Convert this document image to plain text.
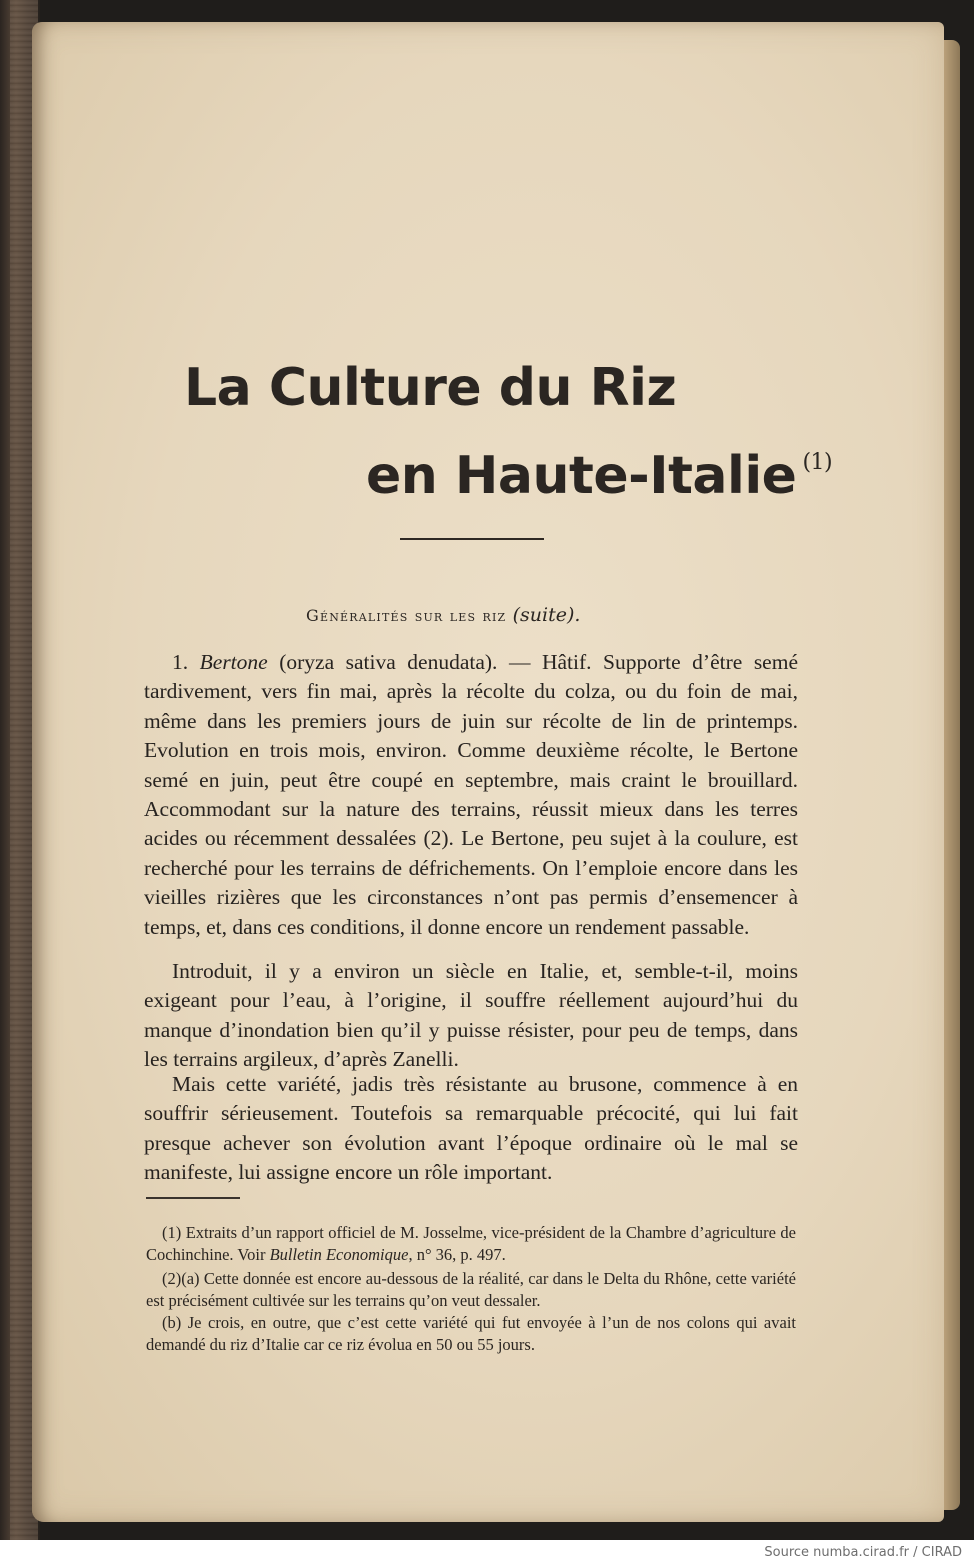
La Culture du Riz
en Haute-Italie $^{(1)}$
Généralités sur les riz (suite).

1. Bertone (oryza sativa denudata). — Hâtif. Supporte d’être semé tardivement, vers fin mai, après la récolte du colza, ou du foin de mai, même dans les premiers jours de juin sur récolte de lin de printemps. Evolution en trois mois, environ. Comme deuxième récolte, le Bertone semé en juin, peut être coupé en septembre, mais craint le brouillard. Accommodant sur la nature des terrains, réussit mieux dans les terres acides ou récemment dessalées (2). Le Bertone, peu sujet à la coulure, est recherché pour les terrains de défrichements. On l’emploie encore dans les vieilles rizières que les circonstances n’ont pas permis d’ensemencer à temps, et, dans ces conditions, il donne encore un rendement passable.

Introduit, il y a environ un siècle en Italie, et, semble-t-il, moins exigeant pour l’eau, à l’origine, il souffre réellement aujourd’hui du manque d’inondation bien qu’il y puisse résister, pour peu de temps, dans les terrains argileux, d’après Zanelli.

Mais cette variété, jadis très résistante au brusone, commence à en souffrir sérieusement. Toutefois sa remarquable précocité, qui lui fait presque achever son évolution avant l’époque ordinaire où le mal se manifeste, lui assigne encore un rôle important.

(1) Extraits d’un rapport officiel de M. Josselme, vice-président de la Chambre d’agriculture de Cochinchine. Voir Bulletin Economique, n° 36, p. 497.

(2)(a) Cette donnée est encore au-dessous de la réalité, car dans le Delta du Rhône, cette variété est précisément cultivée sur les terrains qu’on veut dessaler.

(b) Je crois, en outre, que c’est cette variété qui fut envoyée à l’un de nos colons qui avait demandé du riz d’Italie car ce riz évolua en 50 ou 55 jours.

Source numba.cirad.fr / CIRAD
